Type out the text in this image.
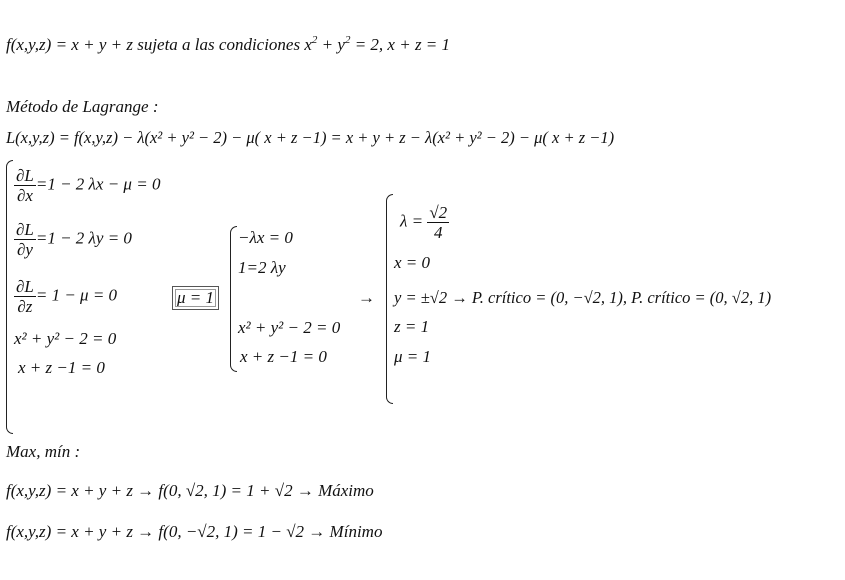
f(x,y,z) = x + y + z sujeta a las condiciones $x^2 + y^2 = 2$, x + z = 1
Método de Lagrange :
L(x,y,z) = f(x,y,z) − λ(x² + y² − 2) − μ( x + z −1) = x + y + z − λ(x² + y² − 2) − μ( x + z −1)
$\frac{\partial L}{\partial x} =1 - 2$ λx − μ = 0
$\frac{\partial L}{\partial y} =1 - 2$ λy = 0
$\frac{\partial L}{\partial z} = 1 - \mu = 0$
x² + y² − 2 = 0
x + z −1 = 0
μ = 1
−λx = 0
1=2 λy
x² + y² − 2 = 0
x + z −1 = 0
→
$\lambda = \frac{√2}{4}$
x = 0
y = ±√2 → P. crítico = (0, −√2, 1), P. crítico = (0, √2, 1)
z = 1
μ = 1
Max, mín :
f(x,y,z) = x + y + z → f(0, √2, 1) = 1 + √2 → Máximo
f(x,y,z) = x + y + z → f(0, −√2, 1) = 1 − √2 → Mínimo
